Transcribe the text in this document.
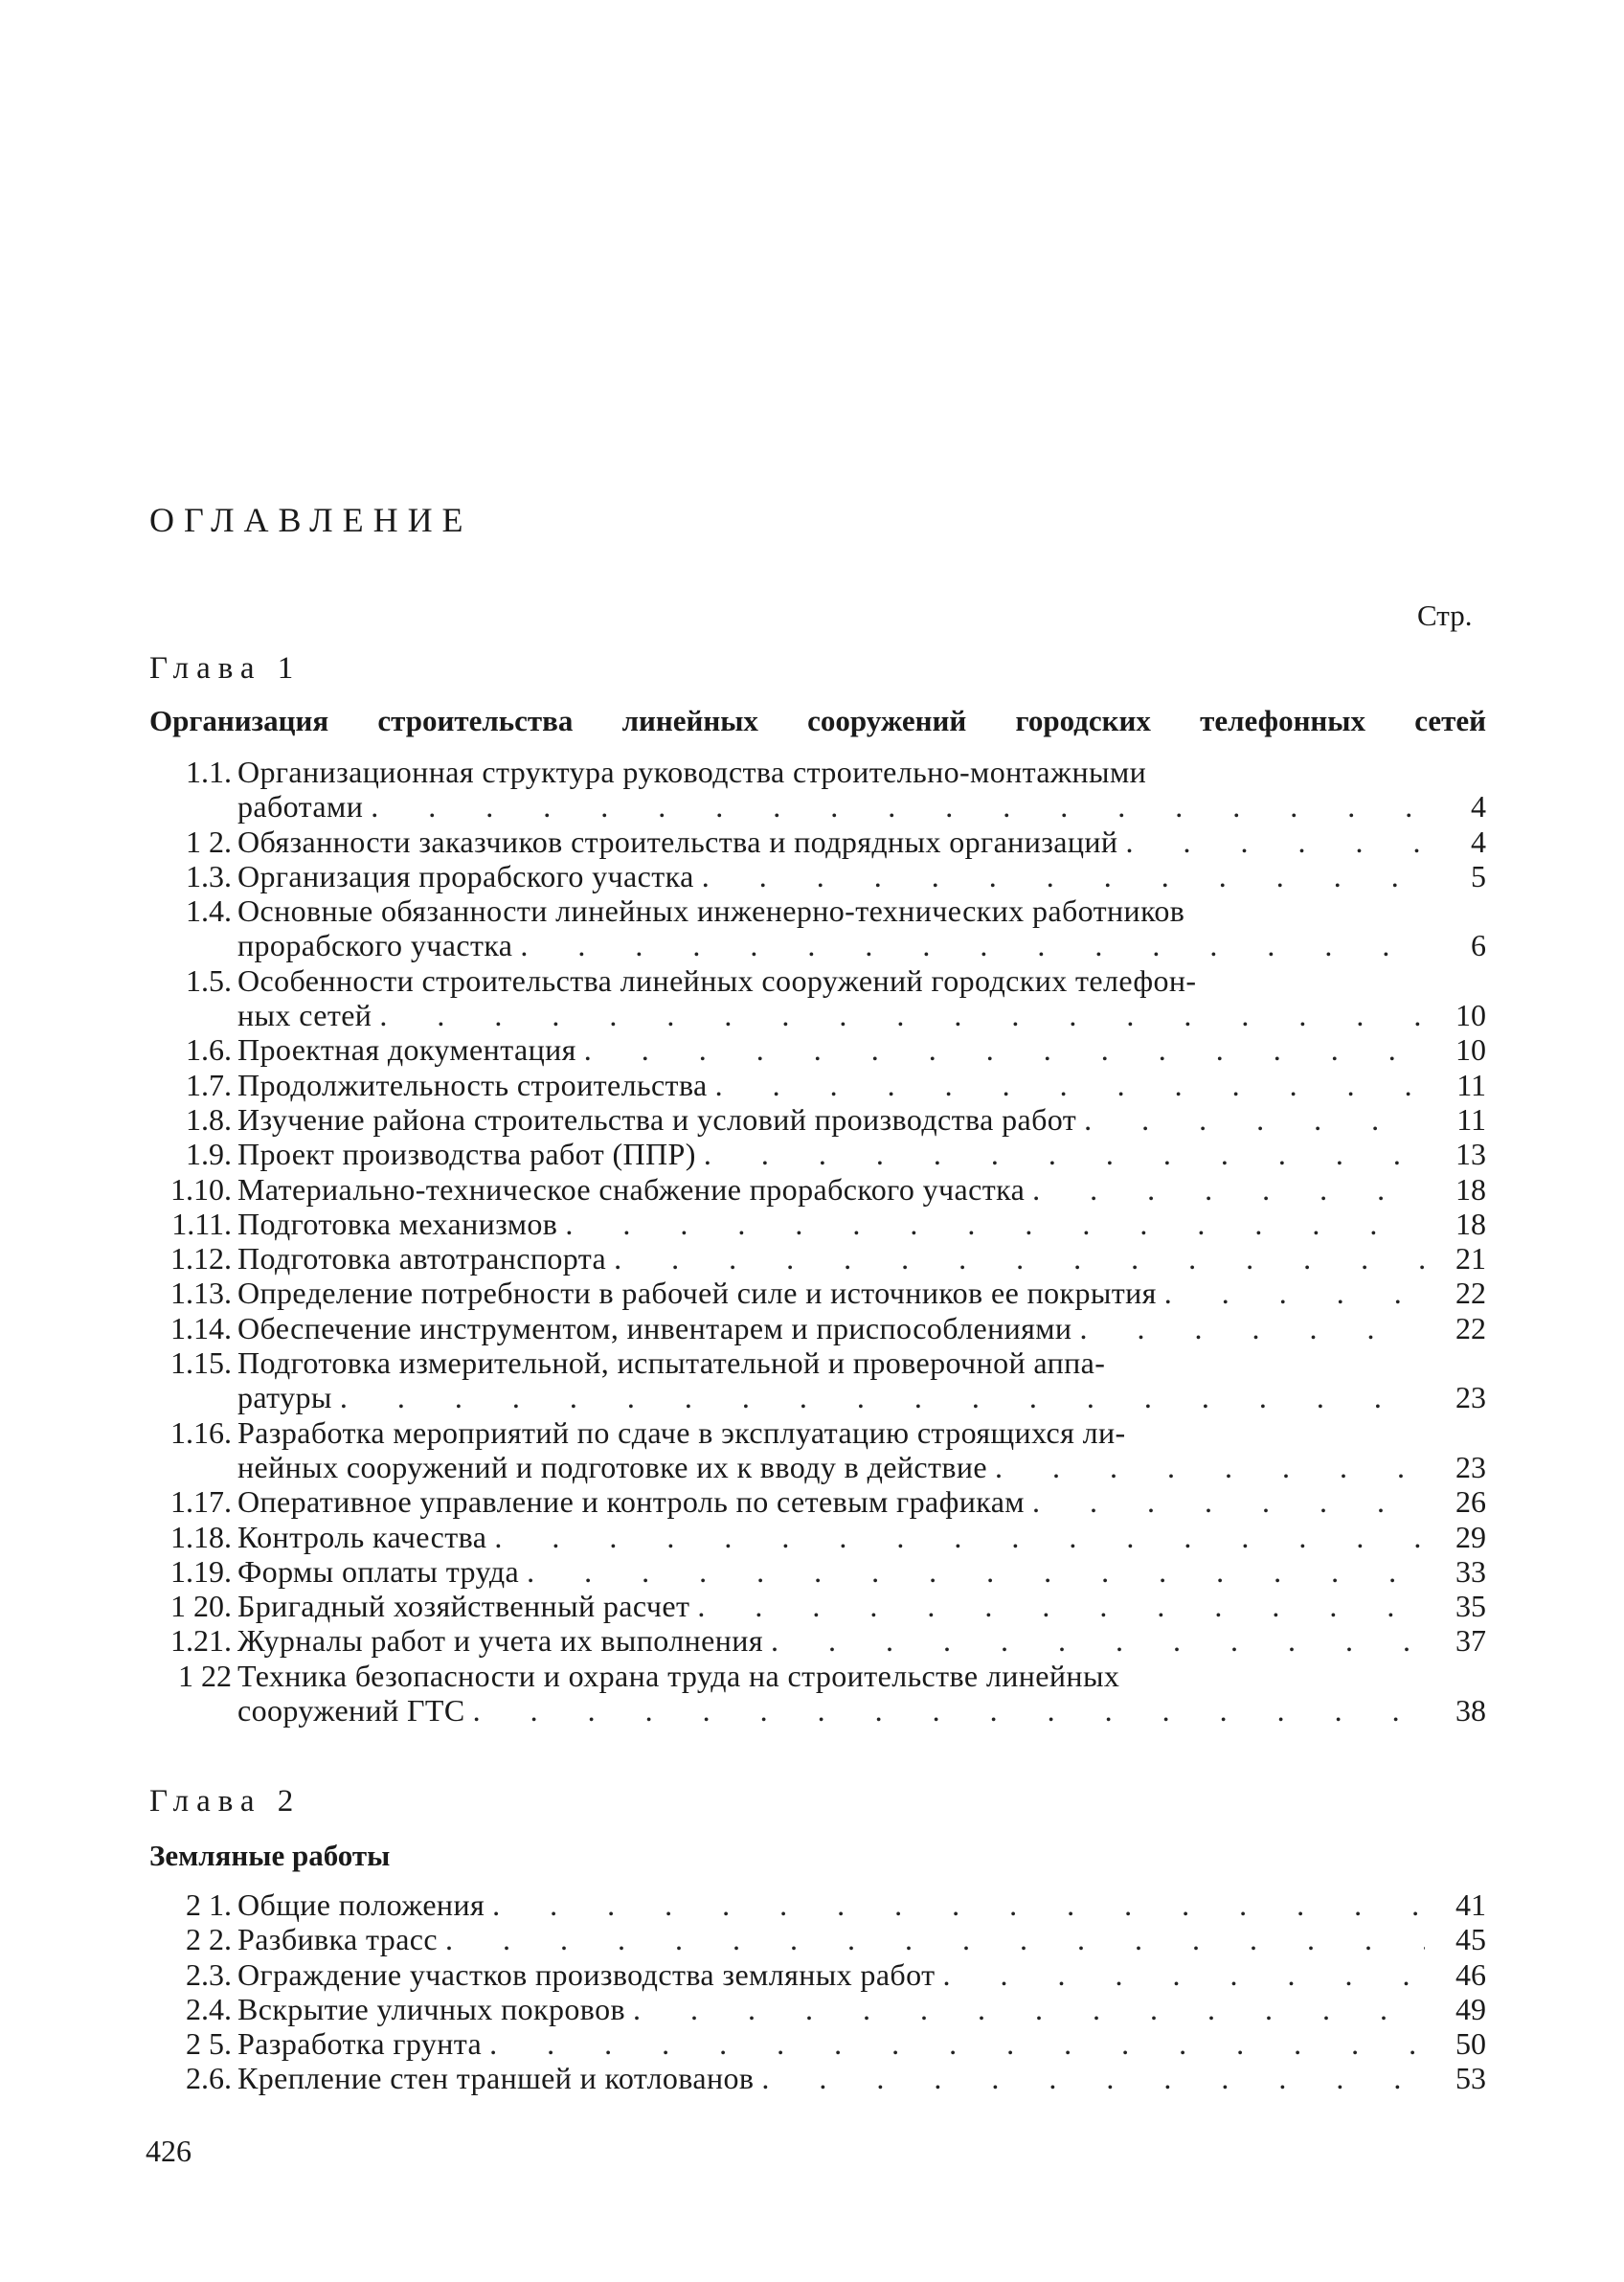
ОГЛАВЛЕНИЕ
Стр.
Глава 1
Организация строительства линейных сооружений городских телефонных сетей
1.1. Организационная структура руководства строительно-монтажными
работами . . .	4
1 2. Обязанности заказчиков строительства и подрядных организаций . . .	4
1.3. Организация прорабского участка . . .	5
1.4. Основные обязанности линейных инженерно-технических работников
прорабского участка . . .	6
1.5. Особенности строительства линейных сооружений городских телефон-
ных сетей . . .	10
1.6. Проектная документация . . .	10
1.7. Продолжительность строительства . . .	11
1.8. Изучение района строительства и условий производства работ . . .	11
1.9. Проект производства работ (ППР) . . .	13
1.10. Материально-техническое снабжение прорабского участка . . .	18
1.11. Подготовка механизмов . . .	18
1.12. Подготовка автотранспорта . . .	21
1.13. Определение потребности в рабочей силе и источников ее покрытия . . .	22
1.14. Обеспечение инструментом, инвентарем и приспособлениями . . .	22
1.15. Подготовка измерительной, испытательной и проверочной аппа-
ратуры . . .	23
1.16. Разработка мероприятий по сдаче в эксплуатацию строящихся ли-
нейных сооружений и подготовке их к вводу в действие . . .	23
1.17. Оперативное управление и контроль по сетевым графикам . . .	26
1.18. Контроль качества . . .	29
1.19. Формы оплаты труда . . .	33
1 20. Бригадный хозяйственный расчет . . .	35
1.21. Журналы работ и учета их выполнения . . .	37
1 22 Техника безопасности и охрана труда на строительстве линейных
сооружений ГТС . . .	38
Глава 2
Земляные работы
2 1. Общие положения . . .	41
2 2. Разбивка трасс . . .	45
2.3. Ограждение участков производства земляных работ . . .	46
2.4. Вскрытие уличных покровов . . .	49
2 5. Разработка грунта . . .	50
2.6. Крепление стен траншей и котлованов . . .	53
426
